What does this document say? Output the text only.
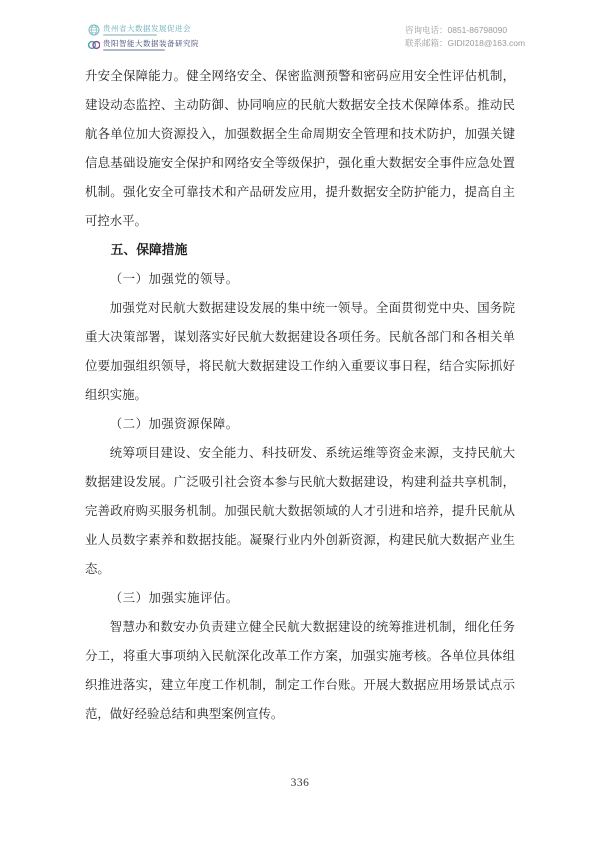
贵州省大数据发展促进会
贵阳智能大数据装备研究院
咨询电话：0851-86798090
联系邮箱：GIDI2018@163.com

升安全保障能力。健全网络安全、保密监测预警和密码应用安全性评估机制，建设动态监控、主动防御、协同响应的民航大数据安全技术保障体系。推动民航各单位加大资源投入，加强数据全生命周期安全管理和技术防护，加强关键信息基础设施安全保护和网络安全等级保护，强化重大数据安全事件应急处置机制。强化安全可靠技术和产品研发应用，提升数据安全防护能力，提高自主可控水平。

五、保障措施
（一）加强党的领导。

加强党对民航大数据建设发展的集中统一领导。全面贯彻党中央、国务院重大决策部署，谋划落实好民航大数据建设各项任务。民航各部门和各相关单位要加强组织领导，将民航大数据建设工作纳入重要议事日程，结合实际抓好组织实施。

（二）加强资源保障。

统筹项目建设、安全能力、科技研发、系统运维等资金来源，支持民航大数据建设发展。广泛吸引社会资本参与民航大数据建设，构建利益共享机制，完善政府购买服务机制。加强民航大数据领域的人才引进和培养，提升民航从业人员数字素养和数据技能。凝聚行业内外创新资源，构建民航大数据产业生态。

（三）加强实施评估。

智慧办和数安办负责建立健全民航大数据建设的统筹推进机制，细化任务分工，将重大事项纳入民航深化改革工作方案，加强实施考核。各单位具体组织推进落实，建立年度工作机制，制定工作台账。开展大数据应用场景试点示范，做好经验总结和典型案例宣传。

336
